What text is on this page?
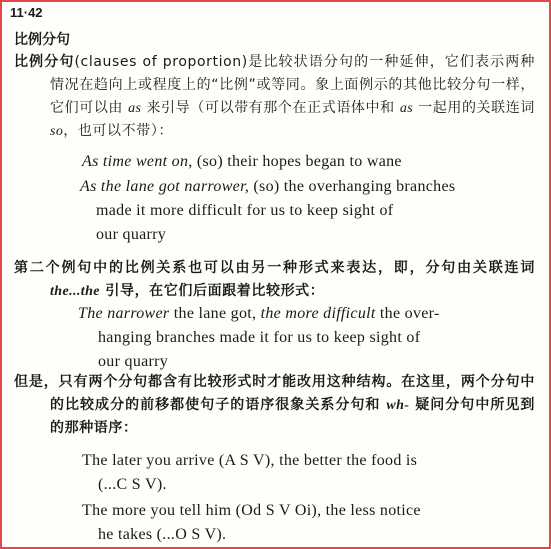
11·42
比例分句
比例分句(clauses of proportion)是比较状语分句的一种延伸，它们表示两种情况在趋向上或程度上的“比例”或等同。象上面例示的其他比较分句一样，它们可以由 as 来引导（可以带有那个在正式语体中和 as 一起用的关联连词 so，也可以不带）：
As time went on, (so) their hopes began to wane
As the lane got narrower, (so) the overhanging branches
made it more difficult for us to keep sight of
our quarry
第二个例句中的比例关系也可以由另一种形式来表达，即，分句由关联连词 the...the 引导，在它们后面跟着比较形式：
The narrower the lane got, the more difficult the over-
hanging branches made it for us to keep sight of
our quarry
但是，只有两个分句都含有比较形式时才能改用这种结构。在这里，两个分句中的比较成分的前移都使句子的语序很象关系分句和 wh- 疑问分句中所见到的那种语序：
The later you arrive (A S V), the better the food is
(...C S V).
The more you tell him (Od S V Oi), the less notice
he takes (...O S V).
